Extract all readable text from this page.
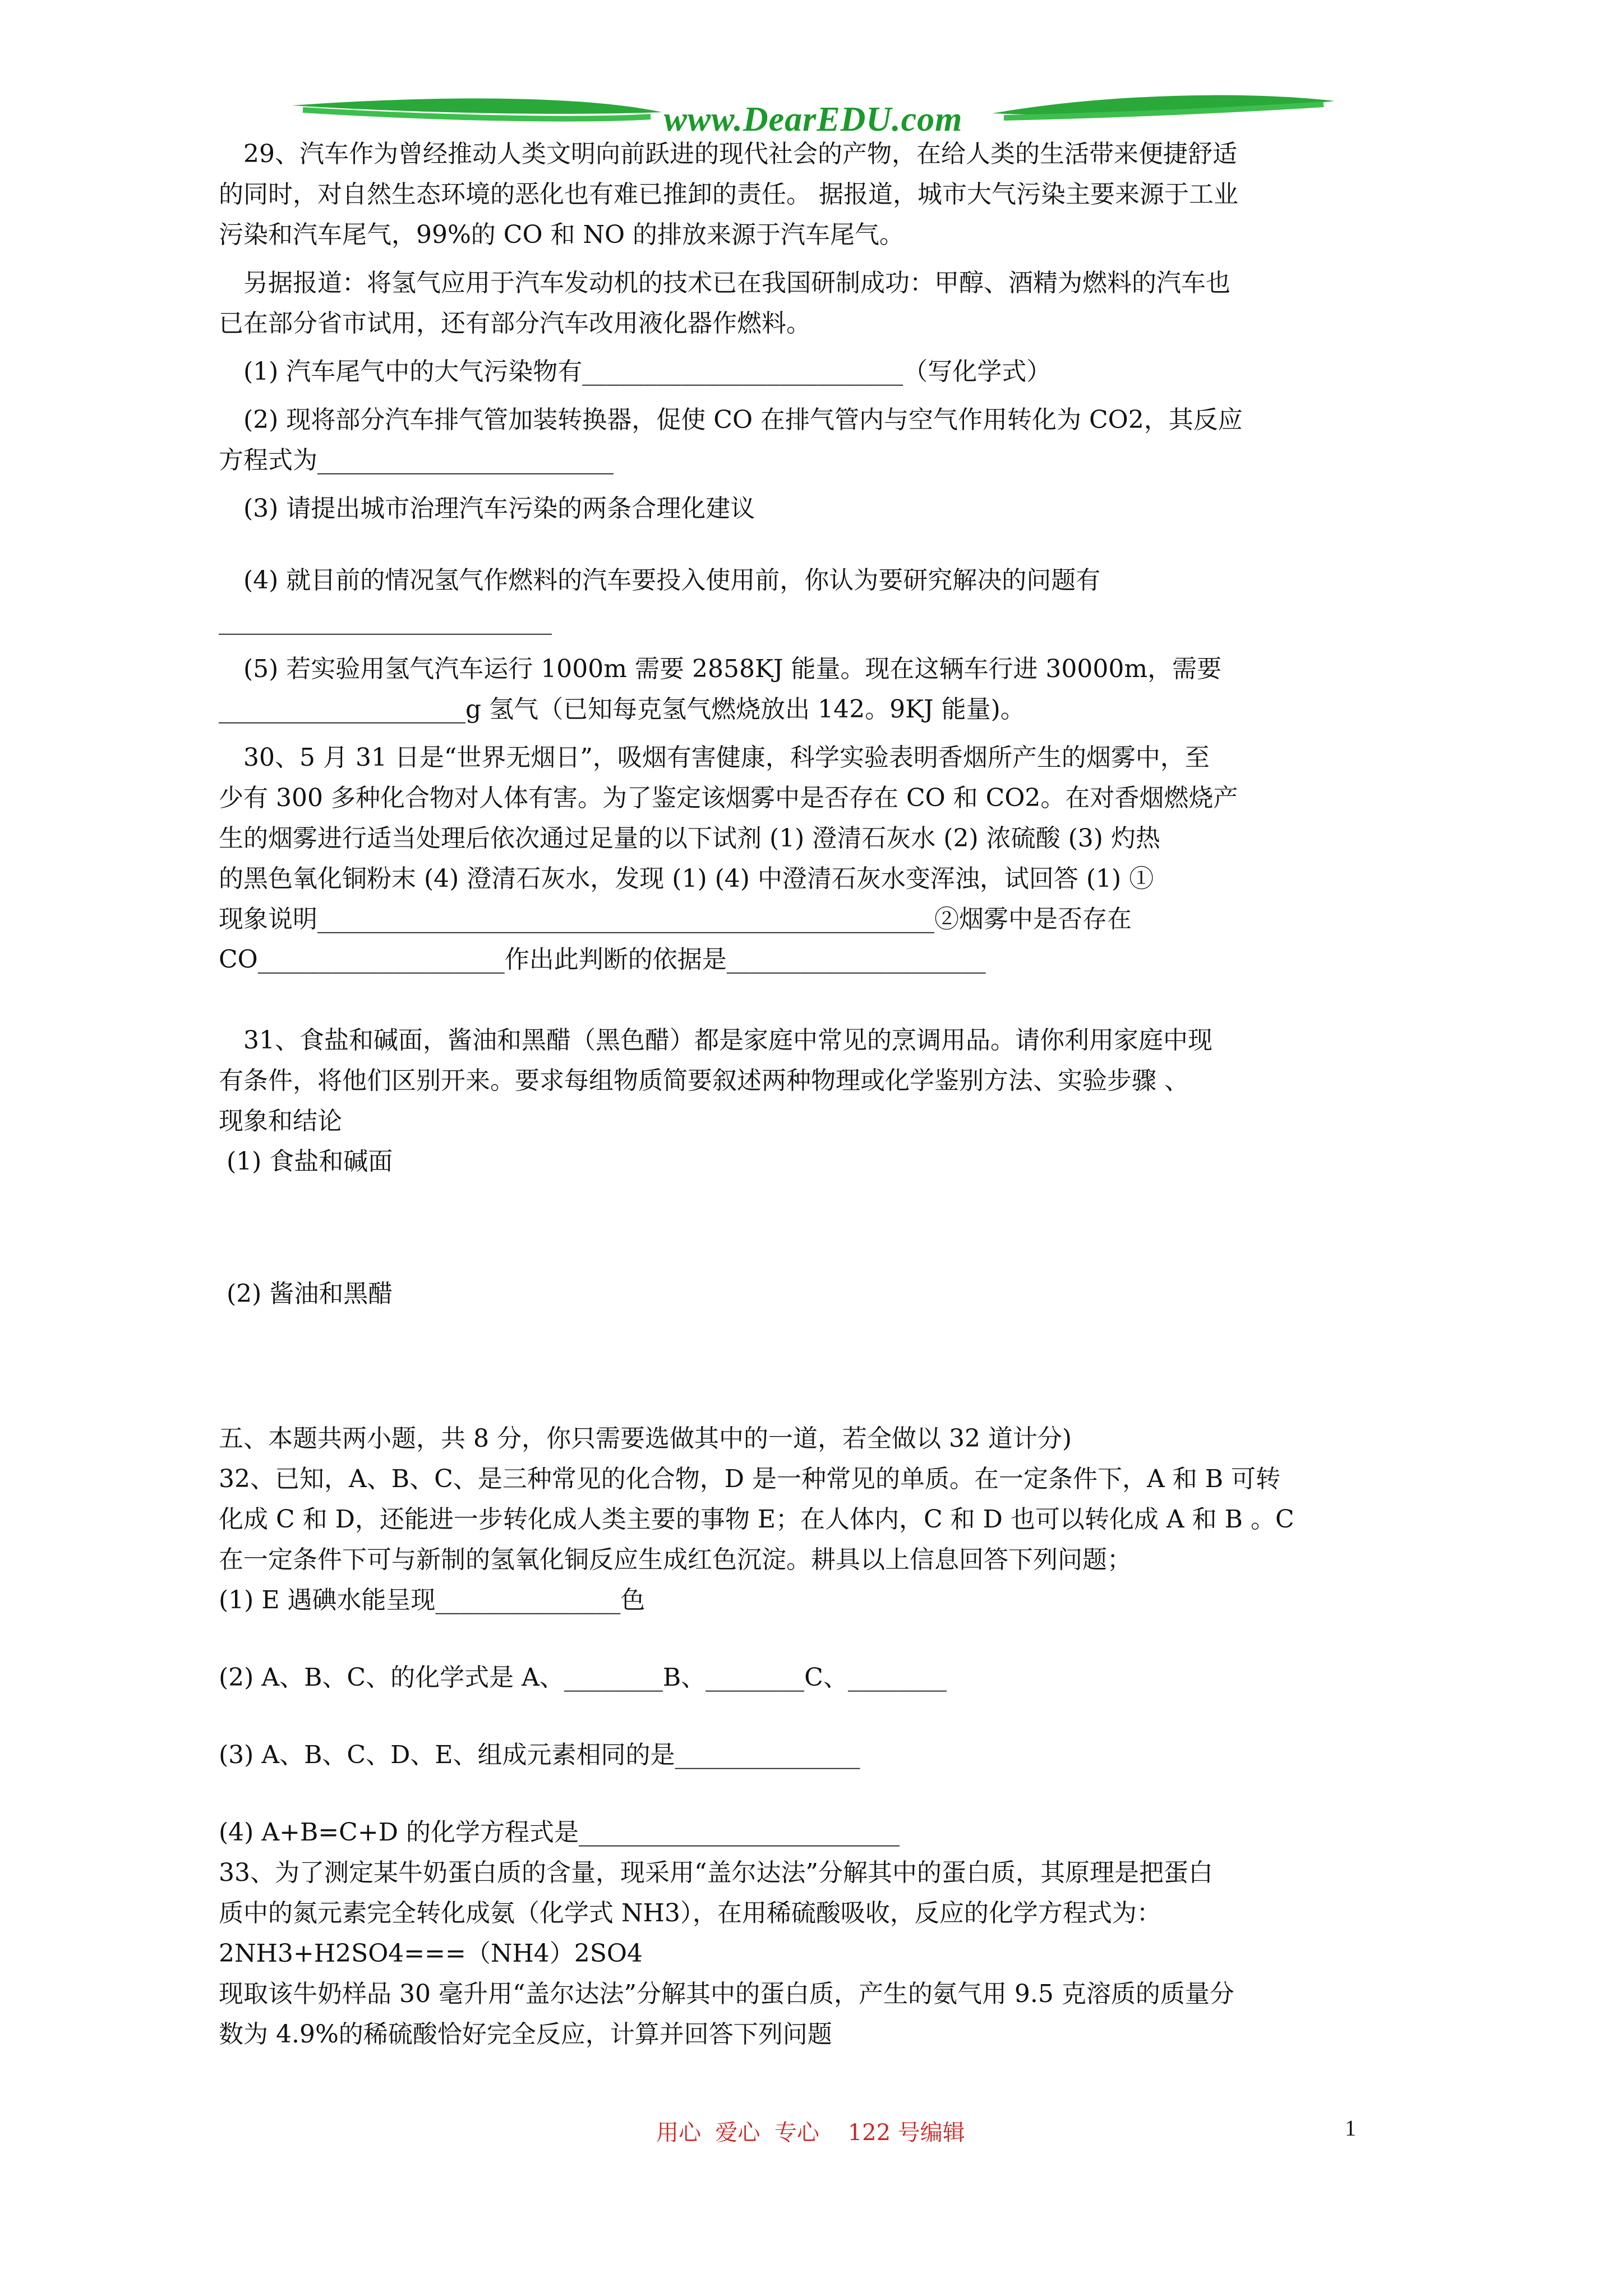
www.DearEDU.com
　29、汽车作为曾经推动人类文明向前跃进的现代社会的产物，在给人类的生活带来便捷舒适
的同时，对自然生态环境的恶化也有难已推卸的责任。 据报道，城市大气污染主要来源于工业
污染和汽车尾气，99%的 CO 和 NO 的排放来源于汽车尾气。
　另据报道：将氢气应用于汽车发动机的技术已在我国研制成功：甲醇、酒精为燃料的汽车也
已在部分省市试用，还有部分汽车改用液化器作燃料。
　(1) 汽车尾气中的大气污染物有__________________________（写化学式）
　(2) 现将部分汽车排气管加装转换器，促使 CO 在排气管内与空气作用转化为 CO2，其反应
方程式为________________________
　(3) 请提出城市治理汽车污染的两条合理化建议
　(4) 就目前的情况氢气作燃料的汽车要投入使用前，你认为要研究解决的问题有
___________________________
　(5) 若实验用氢气汽车运行 1000m 需要 2858KJ 能量。现在这辆车行进 30000m，需要
____________________g 氢气（已知每克氢气燃烧放出 142。9KJ 能量)。
　30、5 月 31 日是“世界无烟日”，吸烟有害健康，科学实验表明香烟所产生的烟雾中，至
少有 300 多种化合物对人体有害。为了鉴定该烟雾中是否存在 CO 和 CO2。在对香烟燃烧产
生的烟雾进行适当处理后依次通过足量的以下试剂 (1) 澄清石灰水 (2) 浓硫酸 (3) 灼热
的黑色氧化铜粉末 (4) 澄清石灰水，发现 (1) (4) 中澄清石灰水变浑浊，试回答 (1) ①
现象说明__________________________________________________②烟雾中是否存在
CO____________________作出此判断的依据是_____________________
　31、食盐和碱面，酱油和黑醋（黑色醋）都是家庭中常见的烹调用品。请你利用家庭中现
有条件，将他们区别开来。要求每组物质简要叙述两种物理或化学鉴别方法、实验步骤 、
现象和结论
(1) 食盐和碱面
(2) 酱油和黑醋
五、本题共两小题，共 8 分，你只需要选做其中的一道，若全做以 32 道计分)
32、已知，A、B、C、是三种常见的化合物，D 是一种常见的单质。在一定条件下，A 和 B 可转
化成 C 和 D，还能进一步转化成人类主要的事物 E；在人体内，C 和 D 也可以转化成 A 和 B 。C
在一定条件下可与新制的氢氧化铜反应生成红色沉淀。耕具以上信息回答下列问题；
(1) E 遇碘水能呈现_______________色
(2) A、B、C、的化学式是 A、________B、________C、________
(3) A、B、C、D、E、组成元素相同的是_______________
(4) A+B=C+D 的化学方程式是__________________________
33、为了测定某牛奶蛋白质的含量，现采用“盖尔达法”分解其中的蛋白质，其原理是把蛋白
质中的氮元素完全转化成氨（化学式 NH3），在用稀硫酸吸收，反应的化学方程式为：
2NH3+H2SO4===（NH4）2SO4
现取该牛奶样品 30 毫升用“盖尔达法”分解其中的蛋白质，产生的氨气用 9.5 克溶质的质量分
数为 4.9%的稀硫酸恰好完全反应，计算并回答下列问题
用心  爱心  专心    122 号编辑	1
